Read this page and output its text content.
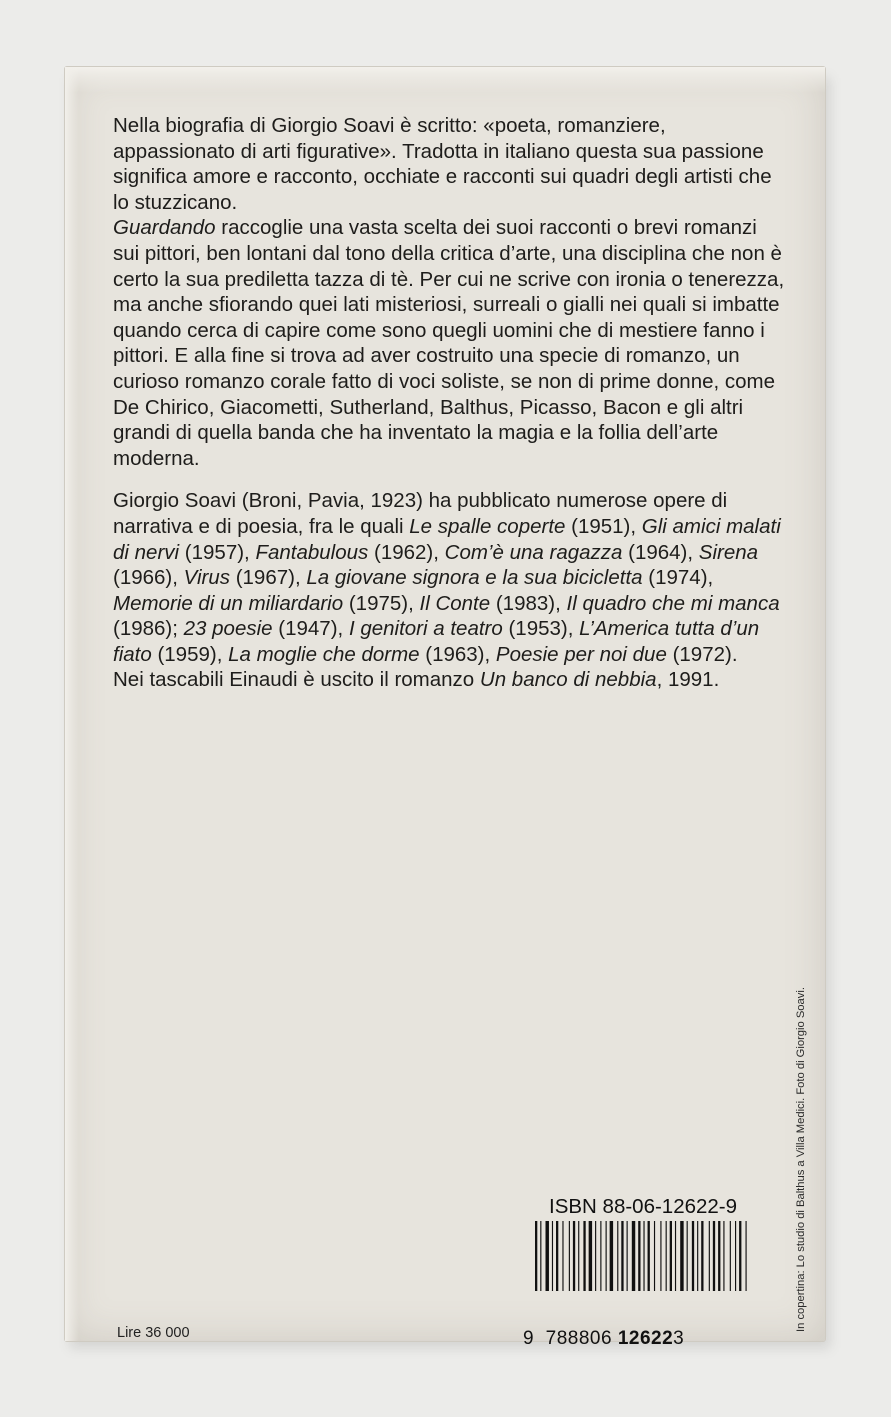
Nella biografia di Giorgio Soavi è scritto: «poeta, romanziere, appassionato di arti figurative». Tradotta in italiano questa sua passione significa amore e racconto, occhiate e racconti sui quadri degli artisti che lo stuzzicano.
Guardando raccoglie una vasta scelta dei suoi racconti o brevi romanzi sui pittori, ben lontani dal tono della critica d’arte, una disciplina che non è certo la sua prediletta tazza di tè. Per cui ne scrive con ironia o tenerezza, ma anche sfiorando quei lati misteriosi, surreali o gialli nei quali si imbatte quando cerca di capire come sono quegli uomini che di mestiere fanno i pittori. E alla fine si trova ad aver costruito una specie di romanzo, un curioso romanzo corale fatto di voci soliste, se non di prime donne, come De Chirico, Giacometti, Sutherland, Balthus, Picasso, Bacon e gli altri grandi di quella banda che ha inventato la magia e la follia dell’arte moderna.

Giorgio Soavi (Broni, Pavia, 1923) ha pubblicato numerose opere di narrativa e di poesia, fra le quali Le spalle coperte (1951), Gli amici malati di nervi (1957), Fantabulous (1962), Com’è una ragazza (1964), Sirena (1966), Virus (1967), La giovane signora e la sua bicicletta (1974), Memorie di un miliardario (1975), Il Conte (1983), Il quadro che mi manca (1986); 23 poesie (1947), I genitori a teatro (1953), L’America tutta d’un fiato (1959), La moglie che dorme (1963), Poesie per noi due (1972).

Nei tascabili Einaudi è uscito il romanzo Un banco di nebbia, 1991.

Lire 36 000
ISBN 88-06-12622-9
9 788806 126223
In copertina: Lo studio di Balthus a Villa Medici. Foto di Giorgio Soavi.
